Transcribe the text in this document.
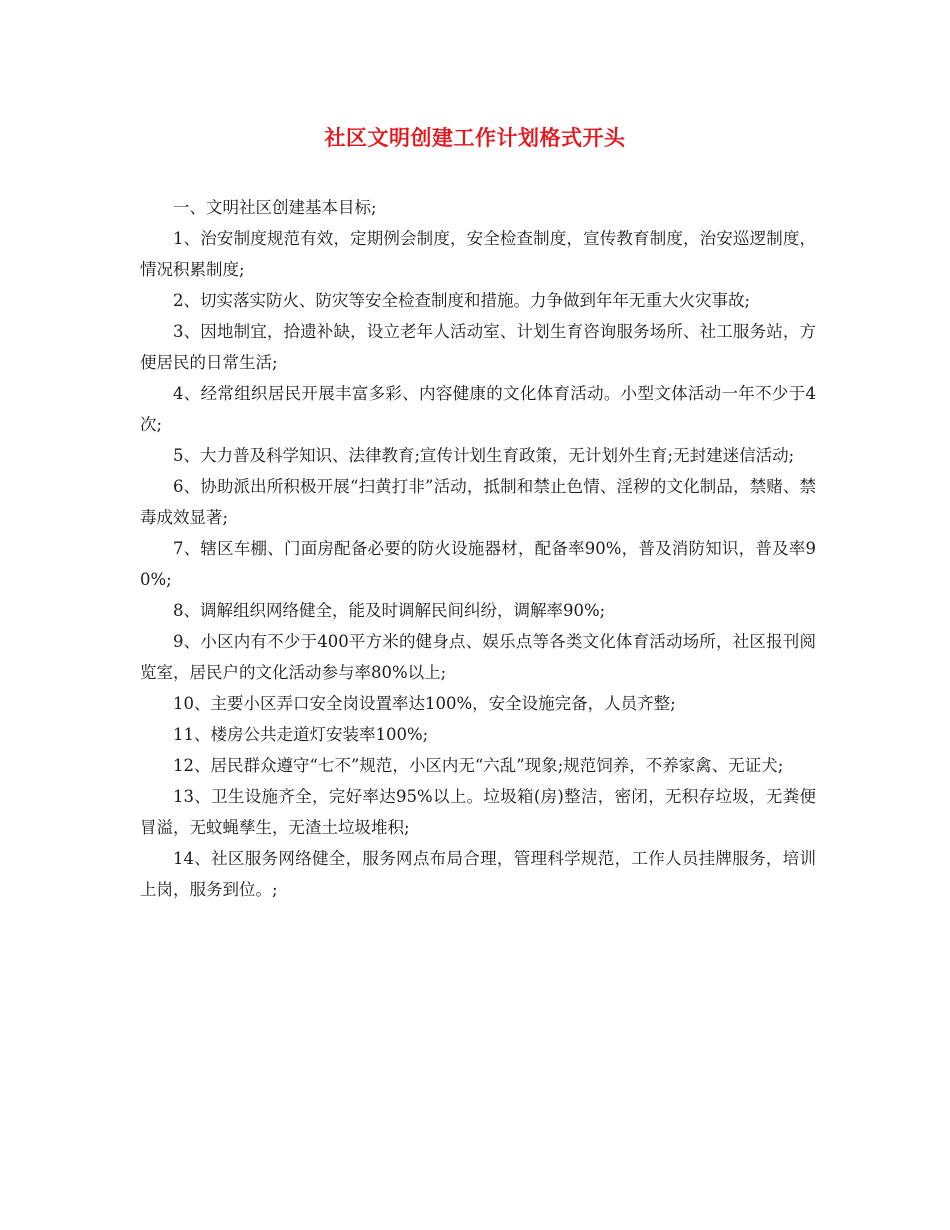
社区文明创建工作计划格式开头

一、文明社区创建基本目标;

1、治安制度规范有效，定期例会制度，安全检查制度，宣传教育制度，治安巡逻制度，情况积累制度;

2、切实落实防火、防灾等安全检查制度和措施。力争做到年年无重大火灾事故;

3、因地制宜，拾遗补缺，设立老年人活动室、计划生育咨询服务场所、社工服务站，方便居民的日常生活;

4、经常组织居民开展丰富多彩、内容健康的文化体育活动。小型文体活动一年不少于4次;

5、大力普及科学知识、法律教育;宣传计划生育政策，无计划外生育;无封建迷信活动;

6、协助派出所积极开展“扫黄打非”活动，抵制和禁止色情、淫秽的文化制品，禁赌、禁毒成效显著;

7、辖区车棚、门面房配备必要的防火设施器材，配备率90%，普及消防知识，普及率90%;

8、调解组织网络健全，能及时调解民间纠纷，调解率90%;

9、小区内有不少于400平方米的健身点、娱乐点等各类文化体育活动场所，社区报刊阅览室，居民户的文化活动参与率80%以上;

10、主要小区弄口安全岗设置率达100%，安全设施完备，人员齐整;

11、楼房公共走道灯安装率100%;

12、居民群众遵守“七不”规范，小区内无“六乱”现象;规范饲养，不养家禽、无证犬;

13、卫生设施齐全，完好率达95%以上。垃圾箱(房)整洁，密闭，无积存垃圾，无粪便冒溢，无蚊蝇孳生，无渣土垃圾堆积;

14、社区服务网络健全，服务网点布局合理，管理科学规范，工作人员挂牌服务，培训上岗，服务到位。;
